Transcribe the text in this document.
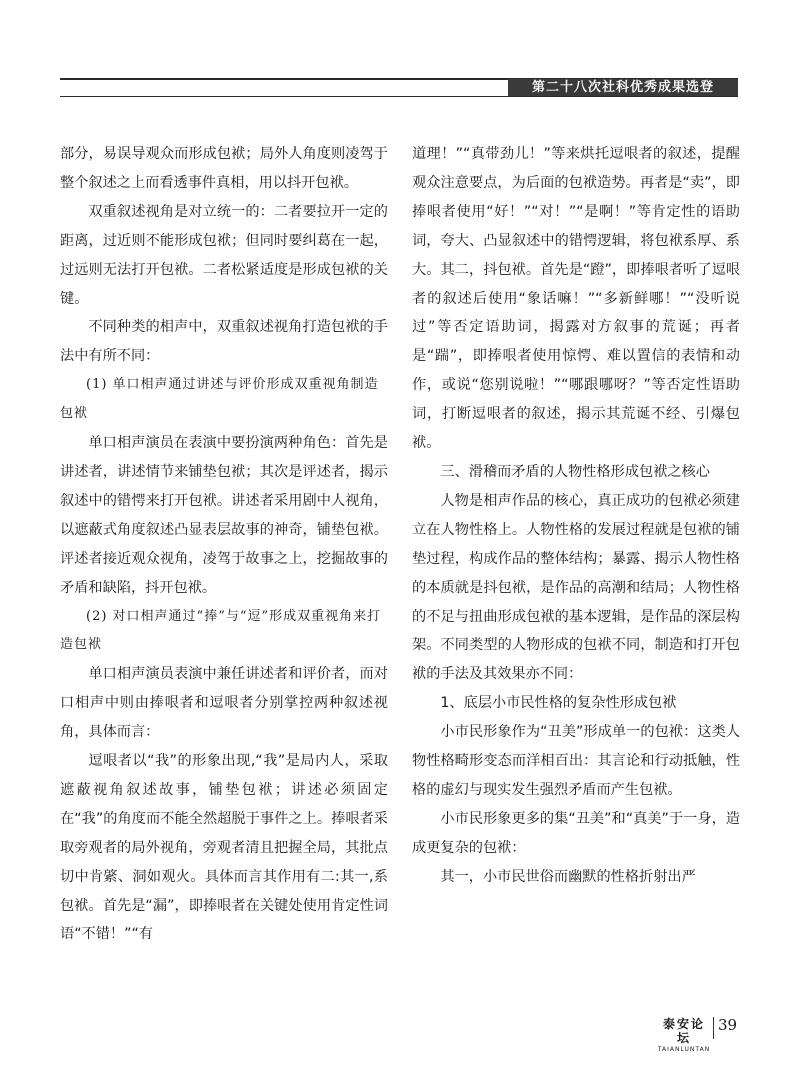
第二十八次社科优秀成果选登

部分，易误导观众而形成包袱；局外人角度则凌驾于整个叙述之上而看透事件真相，用以抖开包袱。

双重叙述视角是对立统一的：二者要拉开一定的距离，过近则不能形成包袱；但同时要纠葛在一起，过远则无法打开包袱。二者松紧适度是形成包袱的关键。

不同种类的相声中，双重叙述视角打造包袱的手法中有所不同：

(1) 单口相声通过讲述与评价形成双重视角制造包袱

单口相声演员在表演中要扮演两种角色：首先是讲述者，讲述情节来铺垫包袱；其次是评述者，揭示叙述中的错愕来打开包袱。讲述者采用剧中人视角，以遮蔽式角度叙述凸显表层故事的神奇，铺垫包袱。评述者接近观众视角，凌驾于故事之上，挖掘故事的矛盾和缺陷，抖开包袱。

(2) 对口相声通过“捧”与“逗”形成双重视角来打造包袱

单口相声演员表演中兼任讲述者和评价者，而对口相声中则由捧哏者和逗哏者分别掌控两种叙述视角，具体而言：

逗哏者以“我”的形象出现,“我”是局内人，采取遮蔽视角叙述故事，铺垫包袱；讲述必须固定在“我”的角度而不能全然超脱于事件之上。捧哏者采取旁观者的局外视角，旁观者清且把握全局，其批点切中肯綮、洞如观火。具体而言其作用有二:其一,系包袱。首先是“漏”，即捧哏者在关键处使用肯定性词语“不错！”“有

道理！”“真带劲儿！”等来烘托逗哏者的叙述，提醒观众注意要点，为后面的包袱造势。再者是“卖”，即捧哏者使用“好！”“对！”“是啊！”等肯定性的语助词，夸大、凸显叙述中的错愕逻辑，将包袱系厚、系大。其二，抖包袱。首先是“蹬”，即捧哏者听了逗哏者的叙述后使用“象话嘛！”“多新鲜哪！”“没听说过”等否定语助词，揭露对方叙事的荒诞；再者是“踹”，即捧哏者使用惊愕、难以置信的表情和动作，或说“您别说啦！”“哪跟哪呀？”等否定性语助词，打断逗哏者的叙述，揭示其荒诞不经、引爆包袱。

三、滑稽而矛盾的人物性格形成包袱之核心

人物是相声作品的核心，真正成功的包袱必须建立在人物性格上。人物性格的发展过程就是包袱的铺垫过程，构成作品的整体结构；暴露、揭示人物性格的本质就是抖包袱，是作品的高潮和结局；人物性格的不足与扭曲形成包袱的基本逻辑，是作品的深层构架。不同类型的人物形成的包袱不同，制造和打开包袱的手法及其效果亦不同：

1、底层小市民性格的复杂性形成包袱

小市民形象作为“丑美”形成单一的包袱：这类人物性格畸形变态而洋相百出：其言论和行动抵触，性格的虚幻与现实发生强烈矛盾而产生包袱。

小市民形象更多的集“丑美”和“真美”于一身，造成更复杂的包袱：

其一，小市民世俗而幽默的性格折射出严

泰安论坛
TAIANLUNTAN
39
